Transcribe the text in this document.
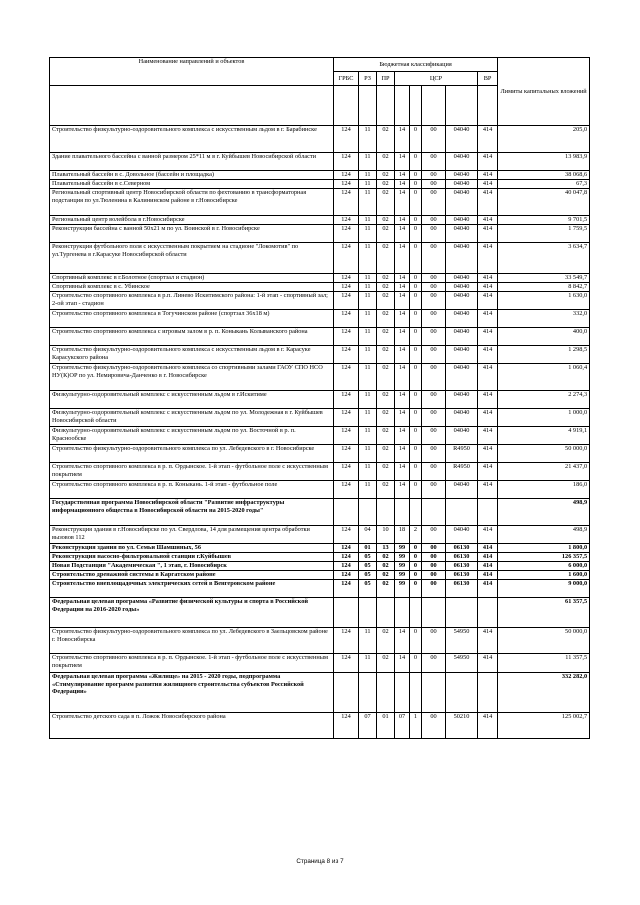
Наименование направлений и объектов	Бюджетная классификация								Лимиты капитальных вложений
	ГРБС	РЗ	ПР	ЦСР				ВР	

Строительство физкультурно-оздоровительного комплекса с искусственным льдом в г. Барабинске	124	11	02	14	0	00	04040	414	205,0
Здание плавательного бассейна с ванной размером 25*11 м в г. Куйбышев Новосибирской области	124	11	02	14	0	00	04040	414	13 983,9
Плавательный бассейн в с. Довольное (бассейн и площадка)	124	11	02	14	0	00	04040	414	38 068,6
Плавательный бассейн в с.Северном	124	11	02	14	0	00	04040	414	67,3
Региональный спортивный центр Новосибирской области по фехтованию в трансформаторная подстанция по ул.Тюленина в Калининском районе в г.Новосибирске	124	11	02	14	0	00	04040	414	40 047,8
Региональный центр волейбола в г.Новосибирске	124	11	02	14	0	00	04040	414	9 701,5
Реконструкция бассейна с ванной 50х21 м по ул. Воинской в г. Новосибирске	124	11	02	14	0	00	04040	414	1 759,5
Реконструкция футбольного поля с искусственным покрытием на стадионе "Локомотив" по ул.Тургенева в г.Карасуке Новосибирской области	124	11	02	14	0	00	04040	414	3 634,7
Спортивный комплекс в г.Болотное (спортзал и стадион)	124	11	02	14	0	00	04040	414	33 549,7
Спортивный комплекс в с. Убинское	124	11	02	14	0	00	04040	414	8 842,7
Строительство спортивного комплекса в р.п. Линево Искитимского района: 1-й этап - спортивный зал; 2-ой этап - стадион	124	11	02	14	0	00	04040	414	1 630,0
Строительство спортивного комплекса в Тогучинском районе (спортзал 36х18 м)	124	11	02	14	0	00	04040	414	332,0
Строительство спортивного комплекса с игровым залом в р. п. Коныкань Колыванского района	124	11	02	14	0	00	04040	414	400,0
Строительство физкультурно-оздоровительного комплекса с искусственным льдом в г. Карасуке Карасукского района	124	11	02	14	0	00	04040	414	1 298,5
Строительство физкультурно-оздоровительного комплекса со спортивными залами ГАОУ СПО НСО НУ(К)ОР по ул. Немировича-Данченко в г. Новосибирске	124	11	02	14	0	00	04040	414	1 060,4
Физкультурно-оздоровительный комплекс с искусственным льдом в г.Искитиме	124	11	02	14	0	00	04040	414	2 274,3
Физкультурно-оздоровительный комплекс с искусственным льдом по ул. Молодежная в г. Куйбышев Новосибирской области	124	11	02	14	0	00	04040	414	1 000,0
Физкультурно-оздоровительный комплекс с искусственным льдом по ул. Восточной в р. п. Краснообске	124	11	02	14	0	00	04040	414	4 919,1
Строительство физкультурно-оздоровительного комплекса по ул. Лебедевского в г. Новосибирске	124	11	02	14	0	00	R4950	414	50 000,0
Строительство спортивного комплекса в р. п. Ордынское. 1-й этап - футбольное поле с искусственным покрытием	124	11	02	14	0	00	R4950	414	21 437,0
Строительство спортивного комплекса в р. п. Коныкань. 1-й этап - футбольное поле	124	11	02	14	0	00	04040	414	186,0
Государственная программа Новосибирской области "Развитие инфраструктуры информационного общества в Новосибирской области на 2015-2020 годы"									498,9
Реконструкция здания в г.Новосибирске по ул. Свердлова, 14 для размещения центра обработки вызовов 112	124	04	10	18	2	00	04040	414	498,9
Реконструкция здания по ул. Семьи Шамшиных, 56	124	01	13	99	0	00	06130	414	1 800,0
Реконструкция насосно-фильтровальной станции г.Куйбышев	124	05	02	99	0	00	06130	414	126 357,5
Новая Подстанция "Академическая ", 1 этап, г. Новосибирск	124	05	02	99	0	00	06130	414	6 000,0
Строительство дренажной системы в Каргатском районе	124	05	02	99	0	00	06130	414	1 600,0
Строительство внеплощадочных электрических сетей в Венгеровском районе	124	05	02	99	0	00	06130	414	9 000,0
Федеральная целевая программа «Развитие физической культуры и спорта в Российской Федерации на 2016-2020 годы»									61 357,5
Строительство физкультурно-оздоровительного комплекса по ул. Лебедевского в Заельцовском районе г. Новосибирска	124	11	02	14	0	00	54950	414	50 000,0
Строительство спортивного комплекса в р. п. Ордынское. 1-й этап - футбольное поле с искусственным покрытием	124	11	02	14	0	00	54950	414	11 357,5
Федеральная целевая программа «Жилище» на 2015 - 2020 годы, подпрограмма «Стимулирование программ развития жилищного строительства субъектов Российской Федерации»									332 282,0
Строительство детского сада в п. Ложок Новосибирского района	124	07	01	07	1	00	50210	414	125 002,7
Страница 8 из 7
